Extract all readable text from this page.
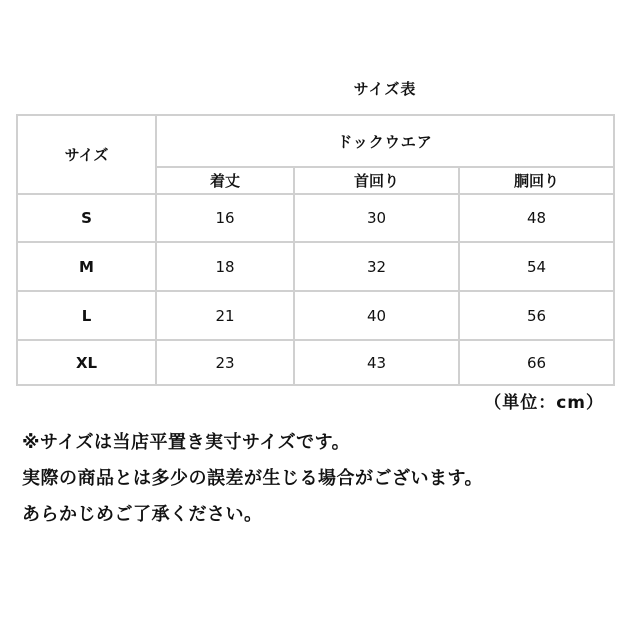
サイズ表
サイズ	ドックウエア		
	着丈	首回り	胴回り
S	16	30	48
M	18	32	54
L	21	40	56
XL	23	43	66
（単位：cm）
※サイズは当店平置き実寸サイズです。
実際の商品とは多少の誤差が生じる場合がございます。
あらかじめご了承ください。
